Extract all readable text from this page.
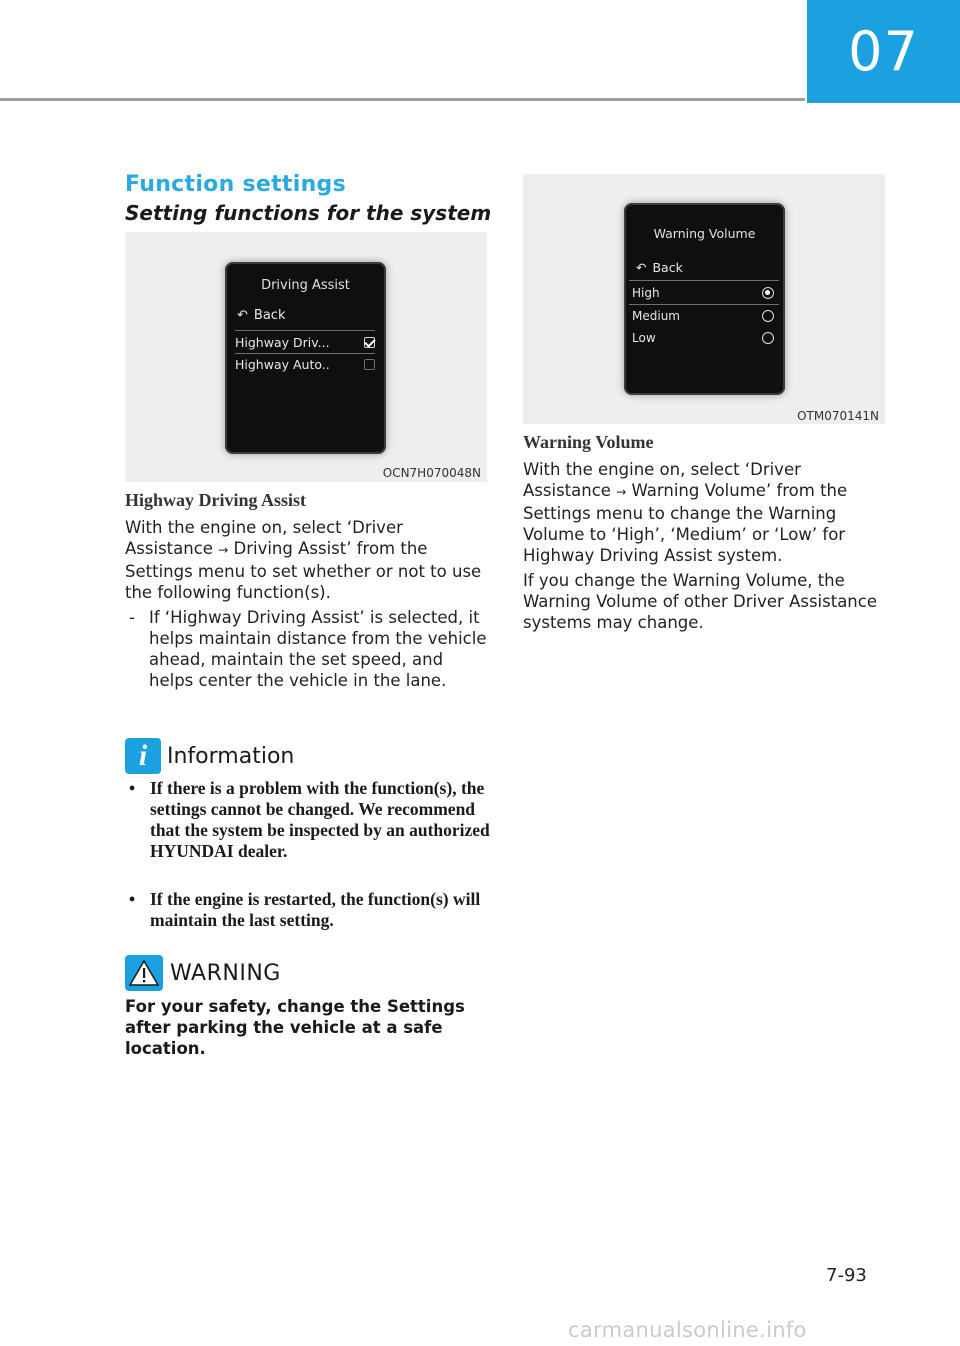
07
Function settings
Setting functions for the system
Driving Assist
↶ Back
Highway Driv...
Highway Auto..
OCN7H070048N
Highway Driving Assist
With the engine on, select ‘Driver Assistance → Driving Assist’ from the Settings menu to set whether or not to use the following function(s).
- If ‘Highway Driving Assist’ is selected, it helps maintain distance from the vehicle ahead, maintain the set speed, and helps center the vehicle in the lane.
i Information
• If there is a problem with the function(s), the settings cannot be changed. We recommend that the system be inspected by an authorized HYUNDAI dealer.
• If the engine is restarted, the function(s) will maintain the last setting.
WARNING
For your safety, change the Settings after parking the vehicle at a safe location.
Warning Volume
↶ Back
High
Medium
Low
OTM070141N
Warning Volume
With the engine on, select ‘Driver Assistance → Warning Volume’ from the Settings menu to change the Warning Volume to ‘High’, ‘Medium’ or ‘Low’ for Highway Driving Assist system.
If you change the Warning Volume, the Warning Volume of other Driver Assistance systems may change.
7-93
carmanualsonline.info
